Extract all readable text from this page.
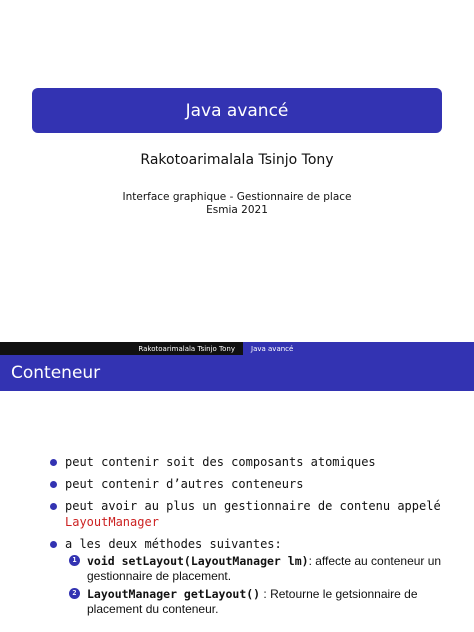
Java avancé
Rakotoarimalala Tsinjo Tony
Interface graphique - Gestionnaire de place
Esmia 2021
Rakotoarimalala Tsinjo Tony	Java avancé
Conteneur
peut contenir soit des composants atomiques
peut contenir d’autres conteneurs
peut avoir au plus un gestionnaire de contenu appelé LayoutManager
a les deux méthodes suivantes:
1 void setLayout(LayoutManager lm): affecte au conteneur un gestionnaire de placement.
2 LayoutManager getLayout() : Retourne le getsionnaire de placement du conteneur.
